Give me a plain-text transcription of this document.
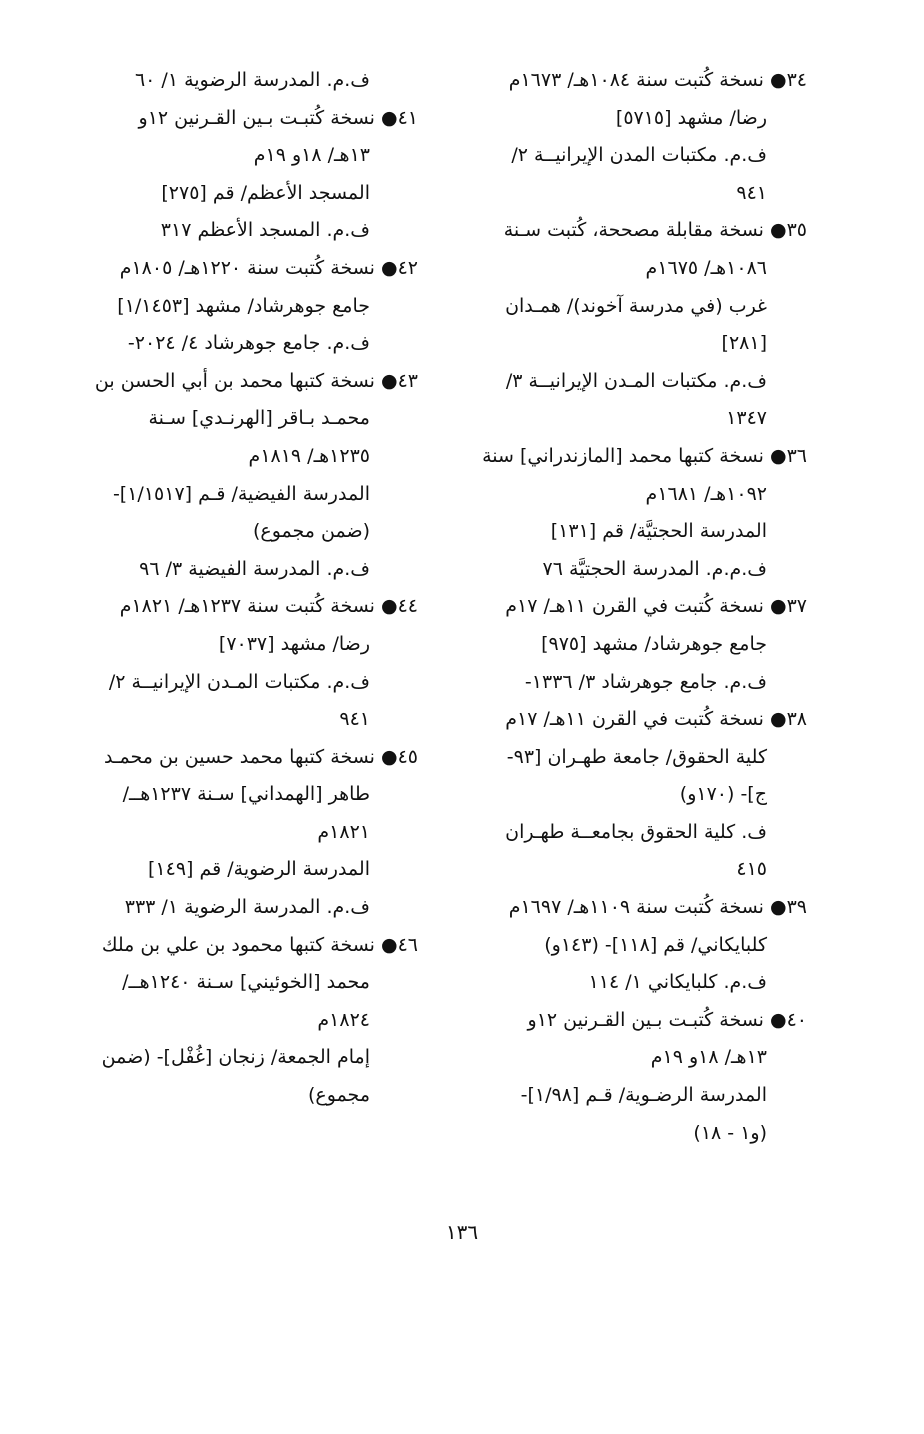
٣٤● نسخة كُتبت سنة ١٠٨٤هـ/ ١٦٧٣م
رضا/ مشهد [٥٧١٥]
ف.م. مكتبات المدن الإيرانيــة ٢/
٩٤١
٣٥● نسخة مقابلة مصححة، كُتبت سـنة
١٠٨٦هـ/ ١٦٧٥م
غرب (في مدرسة آخوند)/ همـدان
[٢٨١]
ف.م. مكتبات المـدن الإيرانيــة ٣/
١٣٤٧
٣٦● نسخة كتبها محمد [المازندراني] سنة
١٠٩٢هـ/ ١٦٨١م
المدرسة الحجتيَّة/ قم [١٣١]
ف.م.م. المدرسة الحجتيَّة ٧٦
٣٧● نسخة كُتبت في القرن ١١هـ/ ١٧م
جامع جوهرشاد/ مشهد [٩٧٥]
ف.م. جامع جوهرشاد ٣/ ١٣٣٦-
٣٨● نسخة كُتبت في القرن ١١هـ/ ١٧م
كلية الحقوق/ جامعة طهـران [٩٣-
ج]- (١٧٠و)
ف. كلية الحقوق بجامعــة طهـران
٤١٥
٣٩● نسخة كُتبت سنة ١١٠٩هـ/ ١٦٩٧م
كلبايكاني/ قم [١١٨]- (١٤٣و)
ف.م. كلبايكاني ١/ ١١٤
٤٠● نسخة كُتبـت بـين القـرنين ١٢و
١٣هـ/ ١٨و ١٩م
المدرسة الرضـوية/ قـم [١/٩٨]-
(و١ - ١٨)
ف.م. المدرسة الرضوية ١/ ٦٠
٤١● نسخة كُتبـت بـين القـرنين ١٢و
١٣هـ/ ١٨و ١٩م
المسجد الأعظم/ قم [٢٧٥]
ف.م. المسجد الأعظم ٣١٧
٤٢● نسخة كُتبت سنة ١٢٢٠هـ/ ١٨٠٥م
جامع جوهرشاد/ مشهد [١/١٤٥٣]
ف.م. جامع جوهرشاد ٤/ ٢٠٢٤-
٤٣● نسخة كتبها محمد بن أبي الحسن بن
محمـد بـاقر [الهرنـدي] سـنة
١٢٣٥هـ/ ١٨١٩م
المدرسة الفيضية/ قـم [١/١٥١٧]-
(ضمن مجموع)
ف.م. المدرسة الفيضية ٣/ ٩٦
٤٤● نسخة كُتبت سنة ١٢٣٧هـ/ ١٨٢١م
رضا/ مشهد [٧٠٣٧]
ف.م. مكتبات المـدن الإيرانيــة ٢/
٩٤١
٤٥● نسخة كتبها محمد حسين بن محمـد
طاهر [الهمداني] سـنة ١٢٣٧هــ/
١٨٢١م
المدرسة الرضوية/ قم [١٤٩]
ف.م. المدرسة الرضوية ١/ ٣٣٣
٤٦● نسخة كتبها محمود بن علي بن ملك
محمد [الخوئيني] سـنة ١٢٤٠هــ/
١٨٢٤م
إمام الجمعة/ زنجان [غُفْل]- (ضمن
مجموع)
١٣٦
